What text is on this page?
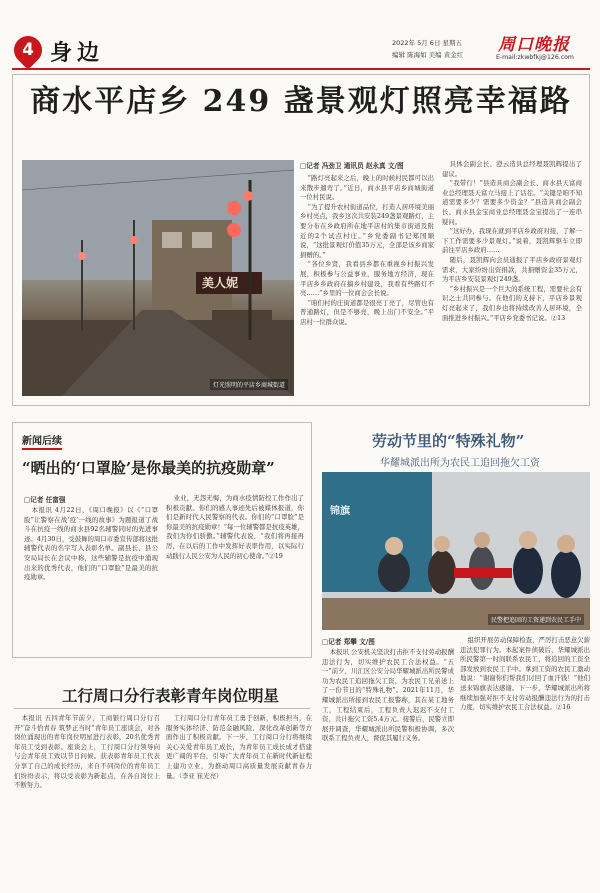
4 身边	2022年 5月 6日 星期五
编辑 陈海如 美编 黄金红 周口晚报
E-mail:zkwbfkj@126.com
商水平店乡 249 盏景观灯照亮幸福路
美人妮
灯光照明的平店乡商城街道
□记者 冯劲卫 通讯员 赵永真 文/图

“路灯亮起来之后，晚上的时候村民都可以出来散步遛弯了。”近日，商水县平店乡商城街道一位村民说。

“为了提升农村街道品位，打造人居环境美丽乡村亮点，我乡这次共安装249盏景观路灯，主要分布在乡政府所在地平店村的集市街道及附近的2个试点村庄。”乡党委副书记郑国顺说，“这批景观灯价值35万元，全部是该乡商家捐赠的。”

“各位乡贤，我看县乡都在重视乡村振兴发展，积极参与公益事业，服务地方经济，现在平店乡乡政府在搞乡村建设，我看有些路灯不亮……”乡里的一位商会会长说。

“咱们村的庄街道都是很亮丁亮了，尽管也有普通路灯，但是不够亮，晚上出门不安全。”平店村一位群众说。

具体会副会长、澄云造具总经理聂凯辉提出了建议。

“我带行！”县造具商会副会长、商水县天富商业总经理聂天富立马接上了话茬。“关键是咱不知道需要多少？需要多少资金？”县造具商会副会长、商水县金宝商业总经理聂金宝提出了一连串疑问。

“这好办，我现在就到平店乡政府对接，了解一下工作需要多少景观灯。”说着，聂凯辉驱车立即前往平店乡政府……

随后，聂凯辉向会员通报了平店乡政府景观灯需求，大家纷纷出资捐款，共捐赠资金35万元，为平店乡安装景观灯249盏。

“乡村振兴是一个巨大的系统工程，需要社会有识之士共同参与。在他们的支持下，平店乡景观灯亮起来了，我们乡也将持续改善人居环境，全面推进乡村振兴。”平店乡党委书记说。②13

新闻后续
“晒出的‘口罩脸’是你最美的抗疫勋章”
□记者 任富强

本报讯 4月22日，《周口晚报》以《“口罩脸”让警察在战‘疫’一线的故事》为题报道了战斗在抗疫一线的商水县92名辅警同时的先进事迹。4月30日，受鼓舞的周口市委宣传部将这批辅警代表的名字写入表彰名单。副县长、县公安局局长在会议中称，这些辅警是抗疫中涌现出来的优秀代表，他们的“口罩脸”是最美的抗疫勋章。

业业，无怨无悔，为商水疫情防控工作作出了积极贡献。你们的感人事迹先后被媒体报道，你们是新时代人民警察的代表。你们的“口罩脸”是你最美的抗疫勋章！“每一位辅警都是抗疫英雄，我们为你们骄傲。”辅警代表说，“我们将再接再厉，在以后的工作中发挥好表率作用，以实际行动践行人民公安为人民的初心使命。”②19

劳动节里的“特殊礼物”
华耀城派出所为农民工追回拖欠工资
锦旗
民警把追回的工资递到农民工手中
□记者 郑攀 文/图

本报讯 公安机关坚决打击拒不支付劳动报酬违法行为，切实维护农民工合法权益。“五一”前夕，川汇区公安分局华耀城派出所民警成功为农民工追回拖欠工资，为农民工兄弟送上了一份节日的“特殊礼物”。2021年11月，华耀城派出所接到农民工报警称，其在某工地务工，工程结束后，工程负责人迟迟不支付工资，共计拖欠工资5.4万元。接警后，民警立即展开调查，华耀城派出所民警积极协调，多次联系工程负责人，督促其履行义务。

组织开展劳动保障检查，严厉打击恶意欠薪违法犯罪行为。本起案件侦破后，华耀城派出所民警第一时间联系农民工，将追回的工资全部发放到农民工手中。拿到工资的农民工激动地说：“谢谢你们帮我们讨回了血汗钱！”他们送来锦旗表达感谢。下一步，华耀城派出所将继续加强对拒不支付劳动报酬违法行为的打击力度，切实维护农民工合法权益。②16

工行周口分行表彰青年岗位明星

本报讯 五四青年节前夕，工商银行周口分行召开“奋斗恰青春 筑梦正当时”青年员工座谈会，对各岗位涌现出的青年岗位明星进行表彰，20名优秀青年员工受到表彰。座谈会上，工行周口分行领导向与会青年员工致以节日问候。获表彰青年员工代表分享了自己的成长经历，来自不同岗位的青年员工们纷纷表示，将以受表彰为新起点，在各自岗位上不断努力。

工行周口分行青年员工勇于创新，积极担当，在服务实体经济、防范金融风险、深化改革创新等方面作出了积极贡献。下一步，工行周口分行将继续关心关爱青年员工成长，为青年员工成长成才搭建更广阔的平台，引导广大青年员工在新时代新征程上建功立业，为推动周口高质量发展贡献青春力量。（李亚 崔光亮）
